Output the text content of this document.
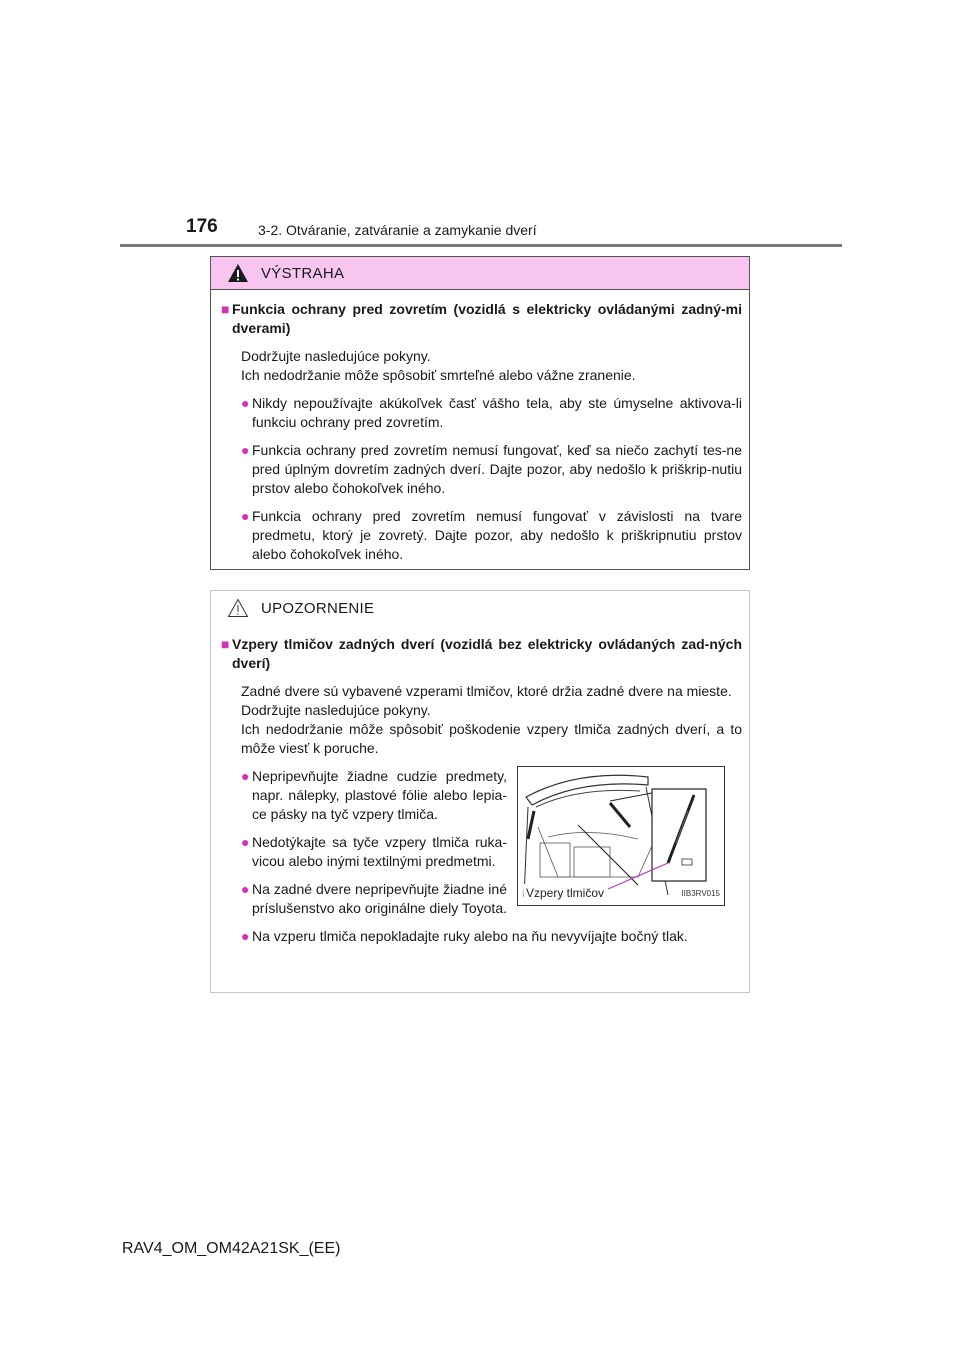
176	3-2. Otváranie, zatváranie a zamykanie dverí
VÝSTRAHA
■ Funkcia ochrany pred zovretím (vozidlá s elektricky ovládanými zadný-mi dverami)
Dodržujte nasledujúce pokyny.
Ich nedodržanie môže spôsobiť smrteľné alebo vážne zranenie.
● Nikdy nepoužívajte akúkoľvek časť vášho tela, aby ste úmyselne aktivova-li funkciu ochrany pred zovretím.
● Funkcia ochrany pred zovretím nemusí fungovať, keď sa niečo zachytí tes-ne pred úplným dovretím zadných dverí. Dajte pozor, aby nedošlo k priškrip-nutiu prstov alebo čohokoľvek iného.
● Funkcia ochrany pred zovretím nemusí fungovať v závislosti na tvare predmetu, ktorý je zovretý. Dajte pozor, aby nedošlo k priškripnutiu prstov alebo čohokoľvek iného.
UPOZORNENIE
■ Vzpery tlmičov zadných dverí (vozidlá bez elektricky ovládaných zad-ných dverí)
Zadné dvere sú vybavené vzperami tlmičov, ktoré držia zadné dvere na mieste.
Dodržujte nasledujúce pokyny.
Ich nedodržanie môže spôsobiť poškodenie vzpery tlmiča zadných dverí, a to môže viesť k poruche.
● Nepripevňujte žiadne cudzie predmety, napr. nálepky, plastové fólie alebo lepia-ce pásky na tyč vzpery tlmiča.
● Nedotýkajte sa tyče vzpery tlmiča ruka-vicou alebo inými textilnými predmetmi.
● Na zadné dvere nepripevňujte žiadne iné príslušenstvo ako originálne diely Toyota.
Vzpery tlmičov	IIB3RV015
● Na vzperu tlmiča nepokladajte ruky alebo na ňu nevyvíjajte bočný tlak.
RAV4_OM_OM42A21SK_(EE)
